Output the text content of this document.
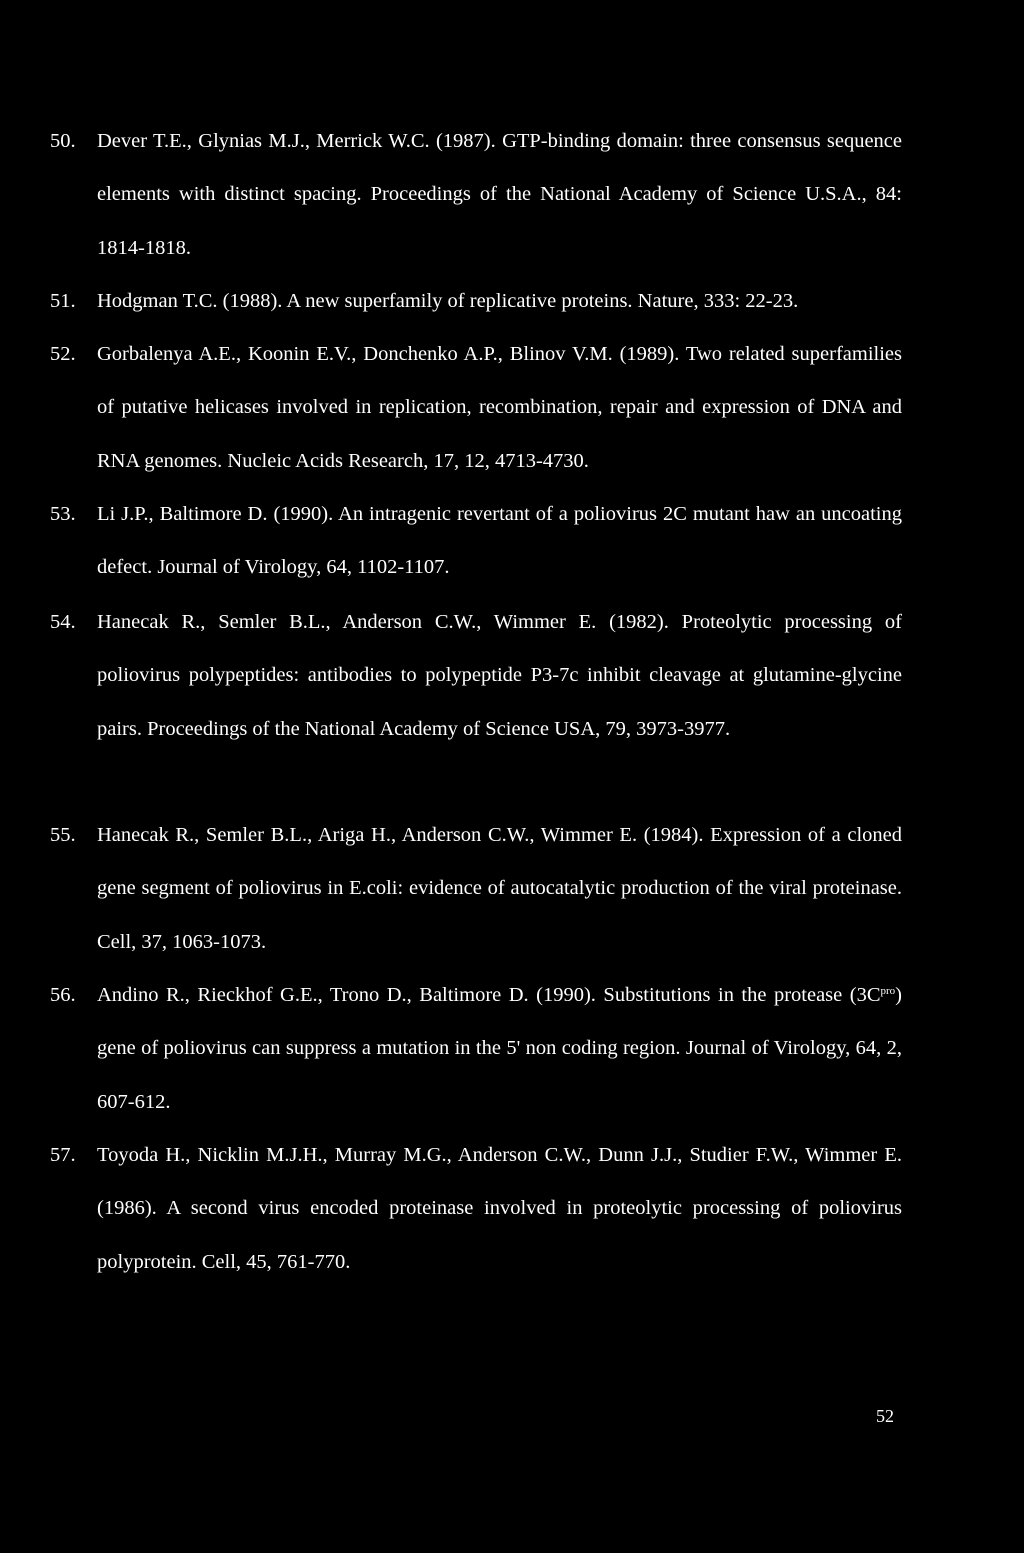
50.	Dever T.E., Glynias M.J., Merrick W.C. (1987). GTP-binding domain: three consensus sequence elements with distinct spacing. Proceedings of the National Academy of Science U.S.A., 84: 1814-1818.
51.	Hodgman T.C. (1988). A new superfamily of replicative proteins. Nature, 333: 22-23.
52.	Gorbalenya A.E., Koonin E.V., Donchenko A.P., Blinov V.M. (1989). Two related superfamilies of putative helicases involved in replication, recombination, repair and expression of DNA and RNA genomes. Nucleic Acids Research, 17, 12, 4713-4730.
53.	Li J.P., Baltimore D. (1990). An intragenic revertant of a poliovirus 2C mutant haw an uncoating defect. Journal of Virology, 64, 1102-1107.
54.	Hanecak R., Semler B.L., Anderson C.W., Wimmer E. (1982). Proteolytic processing of poliovirus polypeptides: antibodies to polypeptide P3-7c inhibit cleavage at glutamine-glycine pairs. Proceedings of the National Academy of Science USA, 79, 3973-3977.
55.	Hanecak R., Semler B.L., Ariga H., Anderson C.W., Wimmer E. (1984). Expression of a cloned gene segment of poliovirus in E.coli: evidence of autocatalytic production of the viral proteinase. Cell, 37, 1063-1073.
56.	Andino R., Rieckhof G.E., Trono D., Baltimore D. (1990). Substitutions in the protease $(3C^{pro})$ gene of poliovirus can suppress a mutation in the 5' non coding region. Journal of Virology, 64, 2, 607-612.
57.	Toyoda H., Nicklin M.J.H., Murray M.G., Anderson C.W., Dunn J.J., Studier F.W., Wimmer E. (1986). A second virus encoded proteinase involved in proteolytic processing of poliovirus polyprotein. Cell, 45, 761-770.
52
